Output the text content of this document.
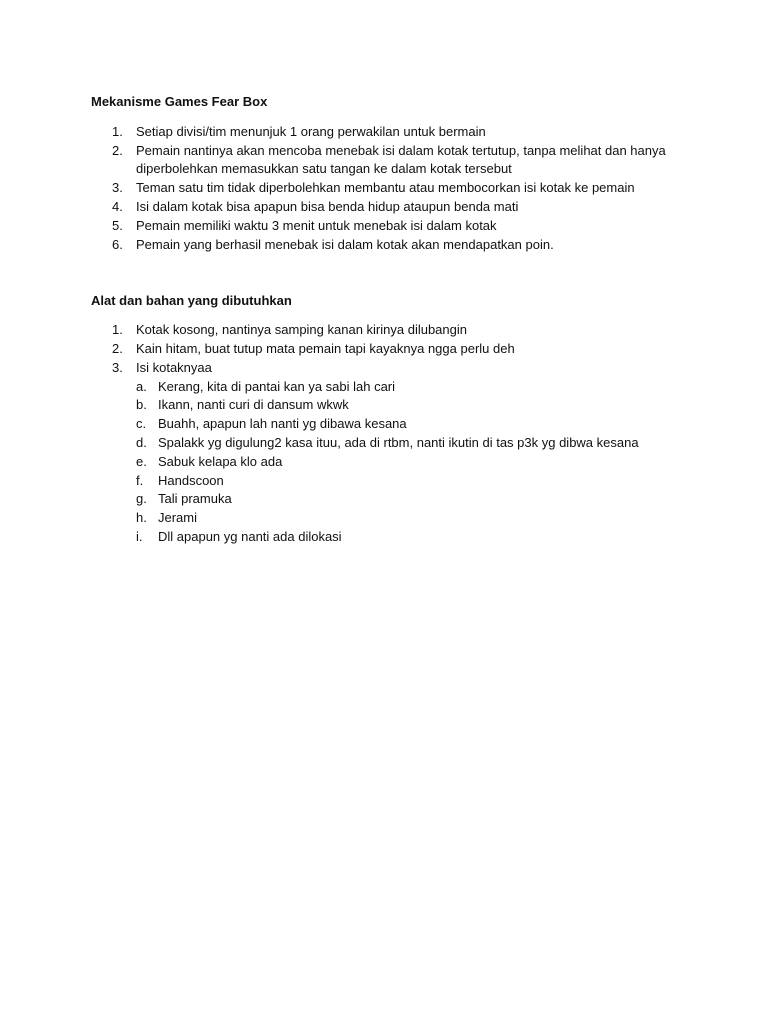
Mekanisme Games Fear Box

1. Setiap divisi/tim menunjuk 1 orang perwakilan untuk bermain
2. Pemain nantinya akan mencoba menebak isi dalam kotak tertutup, tanpa melihat dan hanya diperbolehkan memasukkan satu tangan ke dalam kotak tersebut
3. Teman satu tim tidak diperbolehkan membantu atau membocorkan isi kotak ke pemain
4. Isi dalam kotak bisa apapun bisa benda hidup ataupun benda mati
5. Pemain memiliki waktu 3 menit untuk menebak isi dalam kotak
6. Pemain yang berhasil menebak isi dalam kotak akan mendapatkan poin.

Alat dan bahan yang dibutuhkan

1. Kotak kosong, nantinya samping kanan kirinya dilubangin
2. Kain hitam, buat tutup mata pemain tapi kayaknya ngga perlu deh
3. Isi kotaknyaa
a. Kerang, kita di pantai kan ya sabi lah cari
b. Ikann, nanti curi di dansum wkwk
c. Buahh, apapun lah nanti yg dibawa kesana
d. Spalakk yg digulung2 kasa ituu, ada di rtbm, nanti ikutin di tas p3k yg dibwa kesana
e. Sabuk kelapa klo ada
f. Handscoon
g. Tali pramuka
h. Jerami
i. Dll apapun yg nanti ada dilokasi
